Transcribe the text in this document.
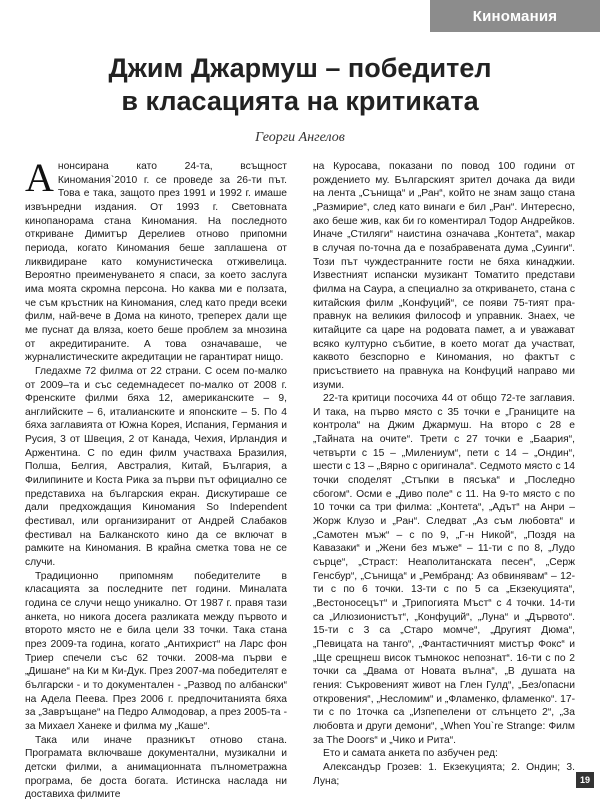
Киномания
Джим Джармуш – победител
в класацията на критиката
Георги Ангелов

Анонсирана като 24-та, всъщност Киномания`2010 г. се проведе за 26-ти път. Това е така, защото през 1991 и 1992 г. имаше извънредни издания. От 1993 г. Световната кинопанорама стана Киномания. На последното откриване Димитър Дерелиев отново припомни периода, когато Киномания беше заплашена от ликвидиране като комунистическа отживелица. Вероятно преименуването я спаси, за което заслуга има моята скромна персона. Но каква ми е ползата, че съм кръстник на Киномания, след като преди всеки филм, най-вече в Дома на киното, трепереx дали ще ме пуснат да вляза, което беше проблем за мнозина от акредитираните. А това означаваше, че журналистическите акредитации не гарантират нищо.

Гледахме 72 филма от 22 страни. С осем по-малко от 2009–та и със седемнадесет по-малко от 2008 г. Френските филми бяха 12, американските – 9, английските – 6, италианските и японските – 5. По 4 бяха заглавията от Южна Корея, Испания, Германия и Русия, 3 от Швеция, 2 от Канада, Чехия, Ирландия и Аржентина. С по един филм участваха Бразилия, Полша, Белгия, Австралия, Китай, България, а Филипините и Коста Рика за първи път официално се представиха на българския екран. Дискутираше се дали предхождащия Киномания So Independent фестивал, или организиранит от Андрей Слабаков фестивал на Балканското кино да се включат в рамките на Киномания. В крайна сметка това не се случи.

Традиционно припомням победителите в класацията за последните пет години. Миналата година се случи нещо уникално. От 1987 г. правя тази анкета, но никога досега разликата между първото и второто място не е била цели 33 точки. Така стана през 2009-та година, когато „Антихрист“ на Ларс фон Триер спечели със 62 точки. 2008-ма първи е „Дишане“ на Ки м Ки-Дук. През 2007-ма победителят е български - и то документален - „Развод по албански“ на Адела Пеева. През 2006 г. предпочитанията бяха за „Завръщане“ на Педро Алмодовар, а през 2005-та - за Михаел Ханеке и филма му „Каше“.

Така или иначе празникът отново стана. Програмата включваше документални, музикални и детски филми, а анимационната пълнометражна програма, бе доста богата. Истинска наслада ни доставиха филмите

на Куросава, показани по повод 100 години от рождението му. Българският зрител дочака да види на лента „Сънища“ и „Ран“, който не знам защо стана „Размирие“, след като винаги е бил „Ран“. Интересно, ако беше жив, как би го коментирал Тодор Андрейков. Иначе „Стиляги“ наистина означава „Контета“, макар в случая по-точна да е позабравената дума „Суинги“. Този път чуждестранните гости не бяха кинаджии. Известният испански музикант Томатито представи филма на Саура, а специално за откриването, стана с китайския филм „Конфуций“, се появи 75-тият пра-правнук на великия философ и управник. Знаех, че китайците са царе на родовата памет, а и уважават всяко културно събитие, в което могат да участват, каквото безспорно е Киномания, но фактът с присъствието на правнука на Конфуций направо ми изуми.

22-та критици посочиха 44 от общо 72-те заглавия. И така, на първо място с 35 точки е „Границите на контрола“ на Джим Джармуш. На второ с 28 е „Тайната на очите“. Трети с 27 точки е „Баария“, четвърти с 15 – „Милениум“, пети с 14 – „Ондин“, шести с 13 – „Вярно с оригинала“. Седмото място с 14 точки споделят „Стъпки в пясъка“ и „Последно сбогом“. Осми е „Диво поле“ с 11. На 9-то място с по 10 точки са три филма: „Контета“, „Адът“ на Анри –Жорж Клузо и „Ран“. Следват „Аз съм любовта“ и „Самотен мъж“ – с по 9, „Г-н Никой“, „Поздя на Кавазаки“ и „Жени без мъже“ – 11-ти с по 8, „Лудо сърце“, „Страст: Неаполитанската песен“, „Серж Генсбур“, „Сънища“ и „Рембранд: Аз обвинявам“ – 12-ти с по 6 точки. 13-ти с по 5 са „Екзекуцията“, „Вестоносецът“ и „Трипогията Мъст“ с 4 точки. 14-ти са „Илюзионистът“, „Конфуций“, „Луна“ и „Дървото“. 15-ти с 3 са „Старо момче“, „Другият Дюма“, „Певицата на танго“, „Фантастичният мистър Фокс“ и „Ще срещнеш висок тъмнокос непознат“. 16-ти с по 2 точки са „Двама от Новата вълна“, „В душата на гения: Съкровеният живот на Глен Гулд“, „Без/опасни откровения“, „Несломим“ и „Фламенко, фламенко“. 17-ти с по 1точка са „Изпепелени от слънцето 2“, „За любовта и други демони“, „When You`re Strange: Филм за The Doors“ и „Чико и Рита“.

Ето и самата анкета по азбучен ред:

Александър Грозев: 1. Екзекуцията; 2. Ондин; 3. Луна;	19
